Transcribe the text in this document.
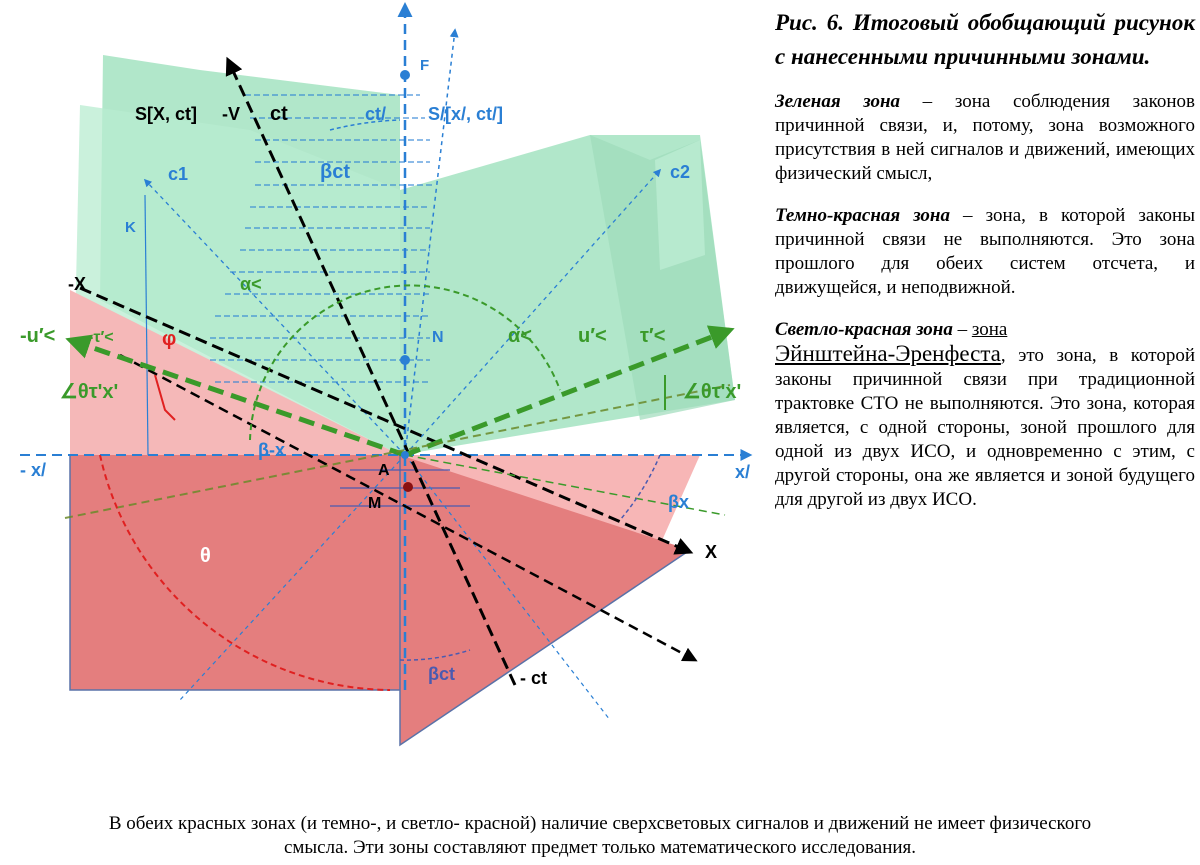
F
S[X, ct] -V ct	ct/ S/[x/, ct/]
βct
c1	c2
K
-X	α<
N	α< u′< τ′<
-u′< -τ′< φ
∠θτ'x'	∠θτ'x'
- x/
β-x
A	x/
M	βx
X
θ
βct	- ct
Рис. 6. Итоговый обобщающий рисунок с нанесенными причинными зонами.

Зеленая зона – зона соблюдения законов причинной связи, и, потому, зона возможного присутствия в ней сигналов и движений, имеющих физический смысл,

Темно-красная зона – зона, в которой законы причинной связи не выполняются. Это зона прошлого для обеих систем отсчета, и движущейся, и неподвижной.

Светло-красная зона – зона
Эйнштейна-Эренфеста, это зона, в которой законы причинной связи при традиционной трактовке СТО не выполняются. Это зона, которая является, с одной стороны, зоной прошлого для одной из двух ИСО, и одновременно с этим, с другой стороны, она же является и зоной будущего для другой из двух ИСО.

В обеих красных зонах (и темно-, и светло- красной) наличие сверхсветовых сигналов и движений не имеет физического смысла. Эти зоны составляют предмет только математического исследования.
